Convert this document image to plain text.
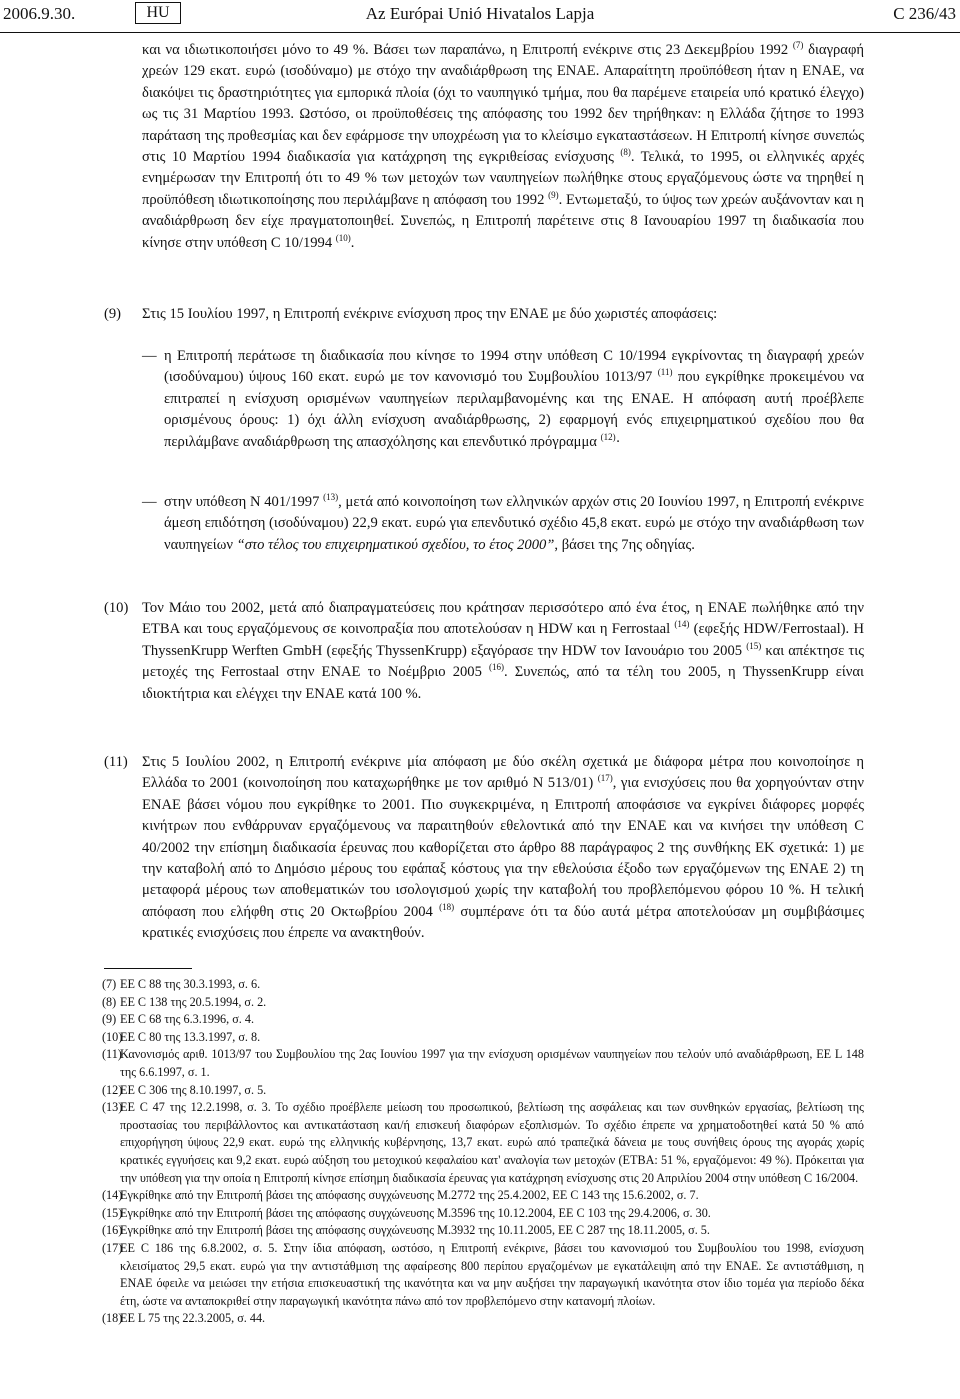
2006.9.30.	HU	Az Európai Unió Hivatalos Lapja	C 236/43
και να ιδιωτικοποιήσει μόνο το 49 %. Βάσει των παραπάνω, η Επιτροπή ενέκρινε στις 23 Δεκεμβρίου 1992 $^{(7)}$ διαγραφή χρεών 129 εκατ. ευρώ (ισοδύναμο) με στόχο την αναδιάρθρωση της ΕΝΑΕ. Απαραίτητη προϋπόθεση ήταν η ΕΝΑΕ, να διακόψει τις δραστηριότητες για εμπορικά πλοία (όχι το ναυπηγικό τμήμα, που θα παρέμενε εταιρεία υπό κρατικό έλεγχο) ως τις 31 Μαρτίου 1993. Ωστόσο, οι προϋποθέσεις της απόφασης του 1992 δεν τηρήθηκαν: η Ελλάδα ζήτησε το 1993 παράταση της προθεσμίας και δεν εφάρμοσε την υποχρέωση για το κλείσιμο εγκαταστάσεων. Η Επιτροπή κίνησε συνεπώς στις 10 Μαρτίου 1994 διαδικασία για κατάχρηση της εγκριθείσας ενίσχυσης $^{(8)}$. Τελικά, το 1995, οι ελληνικές αρχές ενημέρωσαν την Επιτροπή ότι το 49 % των μετοχών των ναυπηγείων πωλήθηκε στους εργαζόμενους ώστε να τηρηθεί η προϋπόθεση ιδιωτικοποίησης που περιλάμβανε η απόφαση του 1992 $^{(9)}$. Εντωμεταξύ, το ύψος των χρεών αυξάνονταν και η αναδιάρθρωση δεν είχε πραγματοποιηθεί. Συνεπώς, η Επιτροπή παρέτεινε στις 8 Ιανουαρίου 1997 τη διαδικασία που κίνησε στην υπόθεση C 10/1994 $^{(10)}$.
(9) Στις 15 Ιουλίου 1997, η Επιτροπή ενέκρινε ενίσχυση προς την ΕΝΑΕ με δύο χωριστές αποφάσεις:
— η Επιτροπή περάτωσε τη διαδικασία που κίνησε το 1994 στην υπόθεση C 10/1994 εγκρίνοντας τη διαγραφή χρεών (ισοδύναμου) ύψους 160 εκατ. ευρώ με τον κανονισμό του Συμβουλίου 1013/97 $^{(11)}$ που εγκρίθηκε προκειμένου να επιτραπεί η ενίσχυση ορισμένων ναυπηγείων περιλαμβανομένης και της ΕΝΑΕ. Η απόφαση αυτή προέβλεπε ορισμένους όρους: 1) όχι άλλη ενίσχυση αναδιάρθρωσης, 2) εφαρμογή ενός επιχειρηματικού σχεδίου που θα περιλάμβανε αναδιάρθρωση της απασχόλησης και επενδυτικό πρόγραμμα $^{(12)}$·
— στην υπόθεση Ν 401/1997 $^{(13)}$, μετά από κοινοποίηση των ελληνικών αρχών στις 20 Ιουνίου 1997, η Επιτροπή ενέκρινε άμεση επιδότηση (ισοδύναμου) 22,9 εκατ. ευρώ για επενδυτικό σχέδιο 45,8 εκατ. ευρώ με στόχο την αναδιάρθωση των ναυπηγείων “στο τέλος του επιχειρηματικού σχεδίου, το έτος 2000”, βάσει της 7ης οδηγίας.
(10) Τον Μάιο του 2002, μετά από διαπραγματεύσεις που κράτησαν περισσότερο από ένα έτος, η ΕΝΑΕ πωλήθηκε από την ΕΤΒΑ και τους εργαζόμενους σε κοινοπραξία που αποτελούσαν η HDW και η Ferrostaal $^{(14)}$ (εφεξής HDW/Ferrostaal). Η ThyssenKrupp Werften GmbH (εφεξής ThyssenKrupp) εξαγόρασε την HDW τον Ιανουάριο του 2005 $^{(15)}$ και απέκτησε τις μετοχές της Ferrostaal στην ΕΝΑΕ το Νοέμβριο 2005 $^{(16)}$. Συνεπώς, από τα τέλη του 2005, η ThyssenKrupp είναι ιδιοκτήτρια και ελέγχει την ΕΝΑΕ κατά 100 %.
(11) Στις 5 Ιουλίου 2002, η Επιτροπή ενέκρινε μία απόφαση με δύο σκέλη σχετικά με διάφορα μέτρα που κοινοποίησε η Ελλάδα το 2001 (κοινοποίηση που καταχωρήθηκε με τον αριθμό Ν 513/01) $^{(17)}$, για ενισχύσεις που θα χορηγούνταν στην ΕΝΑΕ βάσει νόμου που εγκρίθηκε το 2001. Πιο συγκεκριμένα, η Επιτροπή αποφάσισε να εγκρίνει διάφορες μορφές κινήτρων που ενθάρρυναν εργαζόμενους να παραιτηθούν εθελοντικά από την ΕΝΑΕ και να κινήσει την υπόθεση C 40/2002 την επίσημη διαδικασία έρευνας που καθορίζεται στο άρθρο 88 παράγραφος 2 της συνθήκης ΕΚ σχετικά: 1) με την καταβολή από το Δημόσιο μέρους του εφάπαξ κόστους για την εθελούσια έξοδο των εργαζόμενων της ΕΝΑΕ 2) τη μεταφορά μέρους των αποθεματικών του ισολογισμού χωρίς την καταβολή του προβλεπόμενου φόρου 10 %. Η τελική απόφαση που ελήφθη στις 20 Οκτωβρίου 2004 $^{(18)}$ συμπέρανε ότι τα δύο αυτά μέτρα αποτελούσαν μη συμβιβάσιμες κρατικές ενισχύσεις που έπρεπε να ανακτηθούν.
(7) ΕΕ C 88 της 30.3.1993, σ. 6.
(8) ΕΕ C 138 της 20.5.1994, σ. 2.
(9) ΕΕ C 68 της 6.3.1996, σ. 4.
(10)
ΕΕ C 80 της 13.3.1997, σ. 8.
(11)
Κανονισμός αριθ. 1013/97 του Συμβουλίου της 2ας Ιουνίου 1997 για την ενίσχυση ορισμένων ναυπηγείων που τελούν υπό αναδιάρθρωση, ΕΕ L 148 της 6.6.1997, σ. 1.
(12)
ΕΕ C 306 της 8.10.1997, σ. 5.
(13)
ΕΕ C 47 της 12.2.1998, σ. 3. Το σχέδιο προέβλεπε μείωση του προσωπικού, βελτίωση της ασφάλειας και των συνθηκών εργασίας, βελτίωση της προστασίας του περιβάλλοντος και αντικατάσταση και/ή επισκευή διαφόρων εξοπλισμών. Το σχέδιο έπρεπε να χρηματοδοτηθεί κατά 50 % από επιχορήγηση ύψους 22,9 εκατ. ευρώ της ελληνικής κυβέρνησης, 13,7 εκατ. ευρώ από τραπεζικά δάνεια με τους συνήθεις όρους της αγοράς χωρίς κρατικές εγγυήσεις και 9,2 εκατ. ευρώ αύξηση του μετοχικού κεφαλαίου κατ' αναλογία των μετοχών (ΕΤΒΑ: 51 %, εργαζόμενοι: 49 %). Πρόκειται για την υπόθεση για την οποία η Επιτροπή κίνησε επίσημη διαδικασία έρευνας για κατάχρηση ενίσχυσης στις 20 Απριλίου 2004 στην υπόθεση C 16/2004.
(14)
Εγκρίθηκε από την Επιτροπή βάσει της απόφασης συγχώνευσης M.2772 της 25.4.2002, ΕΕ C 143 της 15.6.2002, σ. 7.
(15)
Εγκρίθηκε από την Επιτροπή βάσει της απόφασης συγχώνευσης M.3596 της 10.12.2004, ΕΕ C 103 της 29.4.2006, σ. 30.
(16)
Εγκρίθηκε από την Επιτροπή βάσει της απόφασης συγχώνευσης M.3932 της 10.11.2005, ΕΕ C 287 της 18.11.2005, σ. 5.
(17)
ΕΕ C 186 της 6.8.2002, σ. 5. Στην ίδια απόφαση, ωστόσο, η Επιτροπή ενέκρινε, βάσει του κανονισμού του Συμβουλίου του 1998, ενίσχυση κλεισίματος 29,5 εκατ. ευρώ για την αντιστάθμιση της αφαίρεσης 800 περίπου εργαζομένων με εγκατάλειψη από την ΕΝΑΕ. Σε αντιστάθμιση, η ΕΝΑΕ όφειλε να μειώσει την ετήσια επισκευαστική της ικανότητα και να μην αυξήσει την παραγωγική ικανότητα στον ίδιο τομέα για περίοδο δέκα έτη, ώστε να ανταποκριθεί στην παραγωγική ικανότητα πάνω από τον προβλεπόμενο στην κατανομή πλοίων.
(18)
ΕΕ L 75 της 22.3.2005, σ. 44.
